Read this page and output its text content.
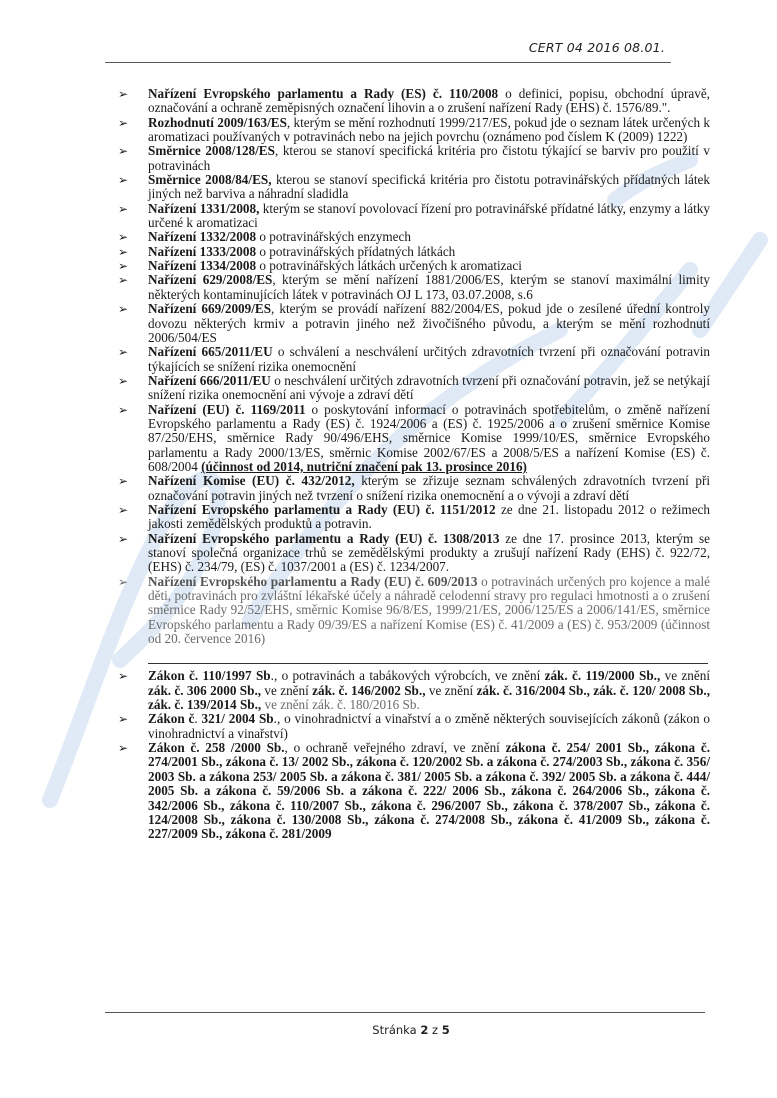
CERT 04 2016 08.01.

➢ Nařízení Evropského parlamentu a Rady (ES) č. 110/2008 o definici, popisu, obchodní úpravě, označování a ochraně zeměpisných označení lihovin a o zrušení nařízení Rady (EHS) č. 1576/89.".

➢ Rozhodnutí 2009/163/ES, kterým se mění rozhodnutí 1999/217/ES, pokud jde o seznam látek určených k aromatizaci používaných v potravinách nebo na jejich povrchu (oznámeno pod číslem K (2009) 1222)

➢ Směrnice 2008/128/ES, kterou se stanoví specifická kritéria pro čistotu týkající se barviv pro použití v potravinách

➢ Směrnice 2008/84/ES, kterou se stanoví specifická kritéria pro čistotu potravinářských přídatných látek jiných než barviva a náhradní sladidla

➢ Nařízení 1331/2008, kterým se stanoví povolovací řízení pro potravinářské přídatné látky, enzymy a látky určené k aromatizaci

➢ Nařízení 1332/2008 o potravinářských enzymech

➢ Nařízení 1333/2008 o potravinářských přídatných látkách

➢ Nařízení 1334/2008 o potravinářských látkách určených k aromatizaci

➢ Nařízení 629/2008/ES, kterým se mění nařízení 1881/2006/ES, kterým se stanoví maximální limity některých kontaminujících látek v potravinách OJ L 173, 03.07.2008, s.6

➢ Nařízení 669/2009/ES, kterým se provádí nařízení 882/2004/ES, pokud jde o zesílené úřední kontroly dovozu některých krmiv a potravin jiného než živočišného původu, a kterým se mění rozhodnutí 2006/504/ES

➢ Nařízení 665/2011/EU o schválení a neschválení určitých zdravotních tvrzení při označování potravin týkajících se snížení rizika onemocnění

➢ Nařízení 666/2011/EU o neschválení určitých zdravotních tvrzení při označování potravin, jež se netýkají snížení rizika onemocnění ani vývoje a zdraví dětí

➢ Nařízení (EU) č. 1169/2011 o poskytování informací o potravinách spotřebitelům, o změně nařízení Evropského parlamentu a Rady (ES) č. 1924/2006 a (ES) č. 1925/2006 a o zrušení směrnice Komise 87/250/EHS, směrnice Rady 90/496/EHS, směrnice Komise 1999/10/ES, směrnice Evropského parlamentu a Rady 2000/13/ES, směrnic Komise 2002/67/ES a 2008/5/ES a nařízení Komise (ES) č. 608/2004 (účinnost od 2014, nutriční značení pak 13. prosince 2016)

➢ Nařízení Komise (EU) č. 432/2012, kterým se zřizuje seznam schválených zdravotních tvrzení při označování potravin jiných než tvrzení o snížení rizika onemocnění a o vývoji a zdraví dětí

➢ Nařízení Evropského parlamentu a Rady (EU) č. 1151/2012 ze dne 21. listopadu 2012 o režimech jakosti zemědělských produktů a potravin.

➢ Nařízení Evropského parlamentu a Rady (EU) č. 1308/2013 ze dne 17. prosince 2013, kterým se stanoví společná organizace trhů se zemědělskými produkty a zrušují nařízení Rady (EHS) č. 922/72, (EHS) č. 234/79, (ES) č. 1037/2001 a (ES) č. 1234/2007.

➢ Nařízení Evropského parlamentu a Rady (EU) č. 609/2013 o potravinách určených pro kojence a malé děti, potravinách pro zvláštní lékařské účely a náhradě celodenní stravy pro regulaci hmotnosti a o zrušení směrnice Rady 92/52/EHS, směrnic Komise 96/8/ES, 1999/21/ES, 2006/125/ES a 2006/141/ES, směrnice Evropského parlamentu a Rady 09/39/ES a nařízení Komise (ES) č. 41/2009 a (ES) č. 953/2009 (účinnost od 20. července 2016)

➢ Zákon č. 110/1997 Sb., o potravinách a tabákových výrobcích, ve znění zák. č. 119/2000 Sb., ve znění zák. č. 306 2000 Sb., ve znění zák. č. 146/2002 Sb., ve znění zák. č. 316/2004 Sb., zák. č. 120/ 2008 Sb., zák. č. 139/2014 Sb., ve znění zák. č. 180/2016 Sb.

➢ Zákon č. 321/ 2004 Sb., o vinohradnictví a vinařství a o změně některých souvisejících zákonů (zákon o vinohradnictví a vinařství)

➢ Zákon č. 258 /2000 Sb., o ochraně veřejného zdraví, ve znění zákona č. 254/ 2001 Sb., zákona č. 274/2001 Sb., zákona č. 13/ 2002 Sb., zákona č. 120/2002 Sb. a zákona č. 274/2003 Sb., zákona č. 356/ 2003 Sb. a zákona 253/ 2005 Sb. a zákona č. 381/ 2005 Sb. a zákona č. 392/ 2005 Sb. a zákona č. 444/ 2005 Sb. a zákona č. 59/2006 Sb. a zákona č. 222/ 2006 Sb., zákona č. 264/2006 Sb., zákona č. 342/2006 Sb., zákona č. 110/2007 Sb., zákona č. 296/2007 Sb., zákona č. 378/2007 Sb., zákona č. 124/2008 Sb., zákona č. 130/2008 Sb., zákona č. 274/2008 Sb., zákona č. 41/2009 Sb., zákona č. 227/2009 Sb., zákona č. 281/2009

Stránka 2 z 5
